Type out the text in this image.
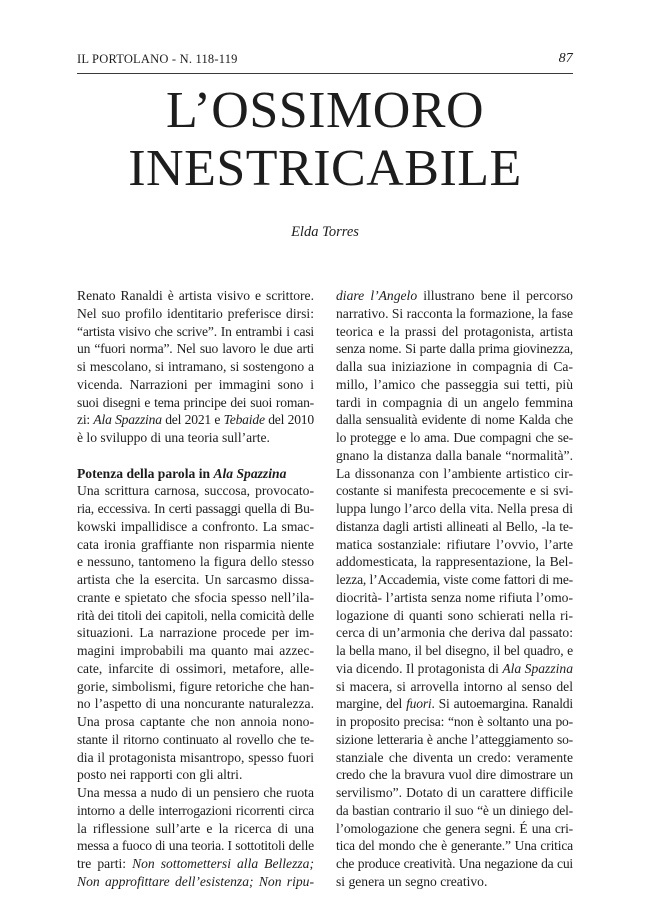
IL PORTOLANO - N. 118-119	87
L’OSSIMORO
INESTRICABILE
Elda Torres
Renato Ranaldi è artista visivo e scrittore.
Nel suo profilo identitario preferisce dirsi:
“artista visivo che scrive”. In entrambi i casi
un “fuori norma”. Nel suo lavoro le due arti
si mescolano, si intramano, si sostengono a
vicenda. Narrazioni per immagini sono i
suoi disegni e tema principe dei suoi roman-
zi: Ala Spazzina del 2021 e Tebaide del 2010
è lo sviluppo di una teoria sull’arte.
Potenza della parola in Ala Spazzina
Una scrittura carnosa, succosa, provocato-
ria, eccessiva. In certi passaggi quella di Bu-
kowski impallidisce a confronto. La smac-
cata ironia graffiante non risparmia niente
e nessuno, tantomeno la figura dello stesso
artista che la esercita. Un sarcasmo dissa-
crante e spietato che sfocia spesso nell’ila-
rità dei titoli dei capitoli, nella comicità delle
situazioni. La narrazione procede per im-
magini improbabili ma quanto mai azzec-
cate, infarcite di ossimori, metafore, alle-
gorie, simbolismi, figure retoriche che han-
no l’aspetto di una noncurante naturalezza.
Una prosa captante che non annoia nono-
stante il ritorno continuato al rovello che te-
dia il protagonista misantropo, spesso fuori
posto nei rapporti con gli altri.
Una messa a nudo di un pensiero che ruota
intorno a delle interrogazioni ricorrenti circa
la riflessione sull’arte e la ricerca di una
messa a fuoco di una teoria. I sottotitoli delle
tre parti: Non sottomettersi alla Bellezza;
Non approfittare dell’esistenza; Non ripu-
diare l’Angelo illustrano bene il percorso
narrativo. Si racconta la formazione, la fase
teorica e la prassi del protagonista, artista
senza nome. Si parte dalla prima giovinezza,
dalla sua iniziazione in compagnia di Ca-
millo, l’amico che passeggia sui tetti, più
tardi in compagnia di un angelo femmina
dalla sensualità evidente di nome Kalda che
lo protegge e lo ama. Due compagni che se-
gnano la distanza dalla banale “normalità”.
La dissonanza con l’ambiente artistico cir-
costante si manifesta precocemente e si svi-
luppa lungo l’arco della vita. Nella presa di
distanza dagli artisti allineati al Bello, -la te-
matica sostanziale: rifiutare l’ovvio, l’arte
addomesticata, la rappresentazione, la Bel-
lezza, l’Accademia, viste come fattori di me-
diocrità- l’artista senza nome rifiuta l’omo-
logazione di quanti sono schierati nella ri-
cerca di un’armonia che deriva dal passato:
la bella mano, il bel disegno, il bel quadro, e
via dicendo. Il protagonista di Ala Spazzina
si macera, si arrovella intorno al senso del
margine, del fuori. Si autoemargina. Ranaldi
in proposito precisa: “non è soltanto una po-
sizione letteraria è anche l’atteggiamento so-
stanziale che diventa un credo: veramente
credo che la bravura vuol dire dimostrare un
servilismo”. Dotato di un carattere difficile
da bastian contrario il suo “è un diniego del-
l’omologazione che genera segni. É una cri-
tica del mondo che è generante.” Una critica
che produce creatività. Una negazione da cui
si genera un segno creativo.
